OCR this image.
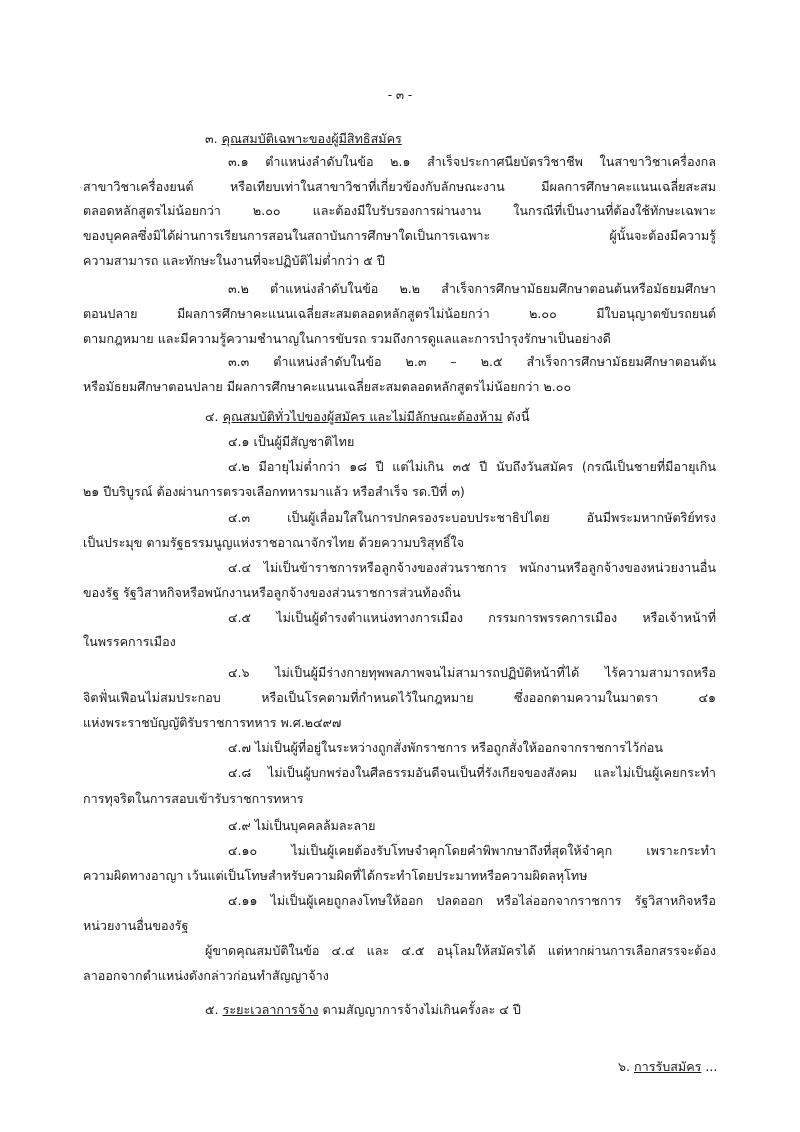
- ๓ -
๓. คุณสมบัติเฉพาะของผู้มีสิทธิสมัคร
๓.๑ ตำแหน่งลำดับในข้อ ๒.๑ สำเร็จประกาศนียบัตรวิชาชีพ ในสาขาวิชาเครื่องกล
สาขาวิชาเครื่องยนต์ หรือเทียบเท่าในสาขาวิชาที่เกี่ยวข้องกับลักษณะงาน มีผลการศึกษาคะแนนเฉลี่ยสะสม
ตลอดหลักสูตรไม่น้อยกว่า ๒.๐๐ และต้องมีใบรับรองการผ่านงาน ในกรณีที่เป็นงานที่ต้องใช้ทักษะเฉพาะ
ของบุคคลซึ่งมิได้ผ่านการเรียนการสอนในสถาบันการศึกษาใดเป็นการเฉพาะ ผู้นั้นจะต้องมีความรู้
ความสามารถ และทักษะในงานที่จะปฏิบัติไม่ต่ำกว่า ๕ ปี
๓.๒ ตำแหน่งลำดับในข้อ ๒.๒ สำเร็จการศึกษามัธยมศึกษาตอนต้นหรือมัธยมศึกษา
ตอนปลาย มีผลการศึกษาคะแนนเฉลี่ยสะสมตลอดหลักสูตรไม่น้อยกว่า ๒.๐๐ มีใบอนุญาตขับรถยนต์
ตามกฎหมาย และมีความรู้ความชำนาญในการขับรถ รวมถึงการดูแลและการบำรุงรักษาเป็นอย่างดี
๓.๓ ตำแหน่งลำดับในข้อ ๒.๓ – ๒.๕ สำเร็จการศึกษามัธยมศึกษาตอนต้น
หรือมัธยมศึกษาตอนปลาย มีผลการศึกษาคะแนนเฉลี่ยสะสมตลอดหลักสูตรไม่น้อยกว่า ๒.๐๐
๔. คุณสมบัติทั่วไปของผู้สมัคร และไม่มีลักษณะต้องห้าม ดังนี้
๔.๑ เป็นผู้มีสัญชาติไทย
๔.๒ มีอายุไม่ต่ำกว่า ๑๘ ปี แต่ไม่เกิน ๓๕ ปี นับถึงวันสมัคร (กรณีเป็นชายที่มีอายุเกิน
๒๑ ปีบริบูรณ์ ต้องผ่านการตรวจเลือกทหารมาแล้ว หรือสำเร็จ รด.ปีที่ ๓)
๔.๓ เป็นผู้เลื่อมใสในการปกครองระบอบประชาธิปไตย อันมีพระมหากษัตริย์ทรง
เป็นประมุข ตามรัฐธรรมนูญแห่งราชอาณาจักรไทย ด้วยความบริสุทธิ์ใจ
๔.๔ ไม่เป็นข้าราชการหรือลูกจ้างของส่วนราชการ พนักงานหรือลูกจ้างของหน่วยงานอื่น
ของรัฐ รัฐวิสาหกิจหรือพนักงานหรือลูกจ้างของส่วนราชการส่วนท้องถิ่น
๔.๕ ไม่เป็นผู้ดำรงตำแหน่งทางการเมือง กรรมการพรรคการเมือง หรือเจ้าหน้าที่
ในพรรคการเมือง
๔.๖ ไม่เป็นผู้มีร่างกายทุพพลภาพจนไม่สามารถปฏิบัติหน้าที่ได้ ไร้ความสามารถหรือ
จิตฟั่นเฟือนไม่สมประกอบ หรือเป็นโรคตามที่กำหนดไว้ในกฎหมาย ซึ่งออกตามความในมาตรา ๔๑
แห่งพระราชบัญญัติรับราชการทหาร พ.ศ.๒๔๙๗
๔.๗ ไม่เป็นผู้ที่อยู่ในระหว่างถูกสั่งพักราชการ หรือถูกสั่งให้ออกจากราชการไว้ก่อน
๔.๘ ไม่เป็นผู้บกพร่องในศีลธรรมอันดีจนเป็นที่รังเกียจของสังคม และไม่เป็นผู้เคยกระทำ
การทุจริตในการสอบเข้ารับราชการทหาร
๔.๙ ไม่เป็นบุคคลล้มละลาย
๔.๑๐ ไม่เป็นผู้เคยต้องรับโทษจำคุกโดยคำพิพากษาถึงที่สุดให้จำคุก เพราะกระทำ
ความผิดทางอาญา เว้นแต่เป็นโทษสำหรับความผิดที่ได้กระทำโดยประมาทหรือความผิดลหุโทษ
๔.๑๑ ไม่เป็นผู้เคยถูกลงโทษให้ออก ปลดออก หรือไล่ออกจากราชการ รัฐวิสาหกิจหรือ
หน่วยงานอื่นของรัฐ
ผู้ขาดคุณสมบัติในข้อ ๔.๔ และ ๔.๕ อนุโลมให้สมัครได้ แต่หากผ่านการเลือกสรรจะต้อง
ลาออกจากตำแหน่งดังกล่าวก่อนทำสัญญาจ้าง
๕. ระยะเวลาการจ้าง ตามสัญญาการจ้างไม่เกินครั้งละ ๔ ปี
๖. การรับสมัคร ...
